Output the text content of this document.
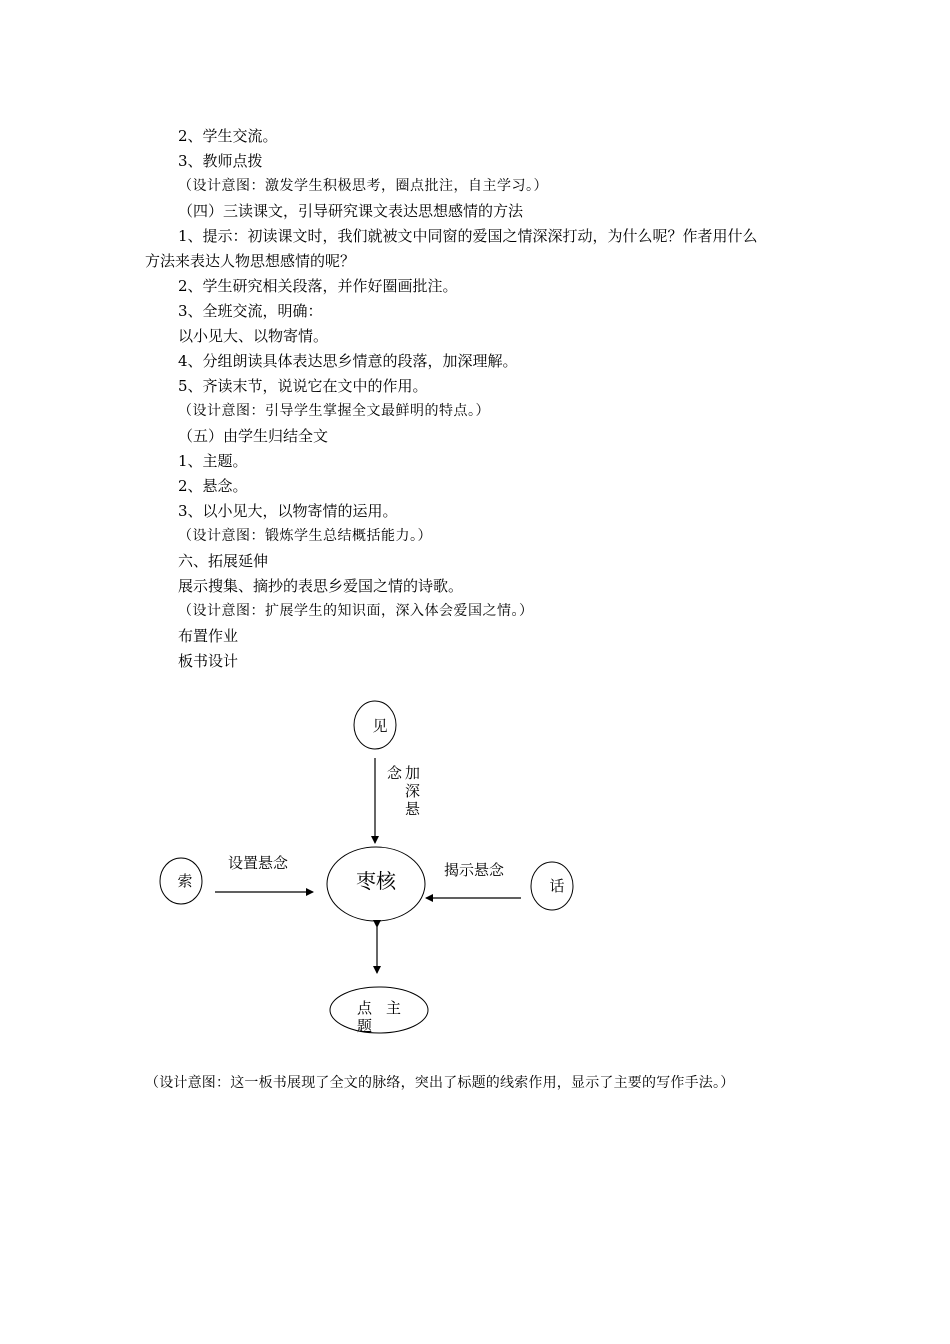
2、学生交流。
3、教师点拨
（设计意图：激发学生积极思考，圈点批注，自主学习。）
（四）三读课文，引导研究课文表达思想感情的方法
1、提示：初读课文时，我们就被文中同窗的爱国之情深深打动，为什么呢？作者用什么
方法来表达人物思想感情的呢？
2、学生研究相关段落，并作好圈画批注。
3、全班交流，明确：
以小见大、以物寄情。
4、分组朗读具体表达思乡情意的段落，加深理解。
5、齐读末节，说说它在文中的作用。
（设计意图：引导学生掌握全文最鲜明的特点。）
（五）由学生归结全文
1、主题。
2、悬念。
3、以小见大，以物寄情的运用。
（设计意图：锻炼学生总结概括能力。）
六、拓展延伸
展示搜集、摘抄的表思乡爱国之情的诗歌。
（设计意图：扩展学生的知识面，深入体会爱国之情。）
布置作业
板书设计
见
念 加
深
悬
枣核
索
设置悬念
话
揭示悬念
点 主
题
（设计意图：这一板书展现了全文的脉络，突出了标题的线索作用，显示了主要的写作手法。）
